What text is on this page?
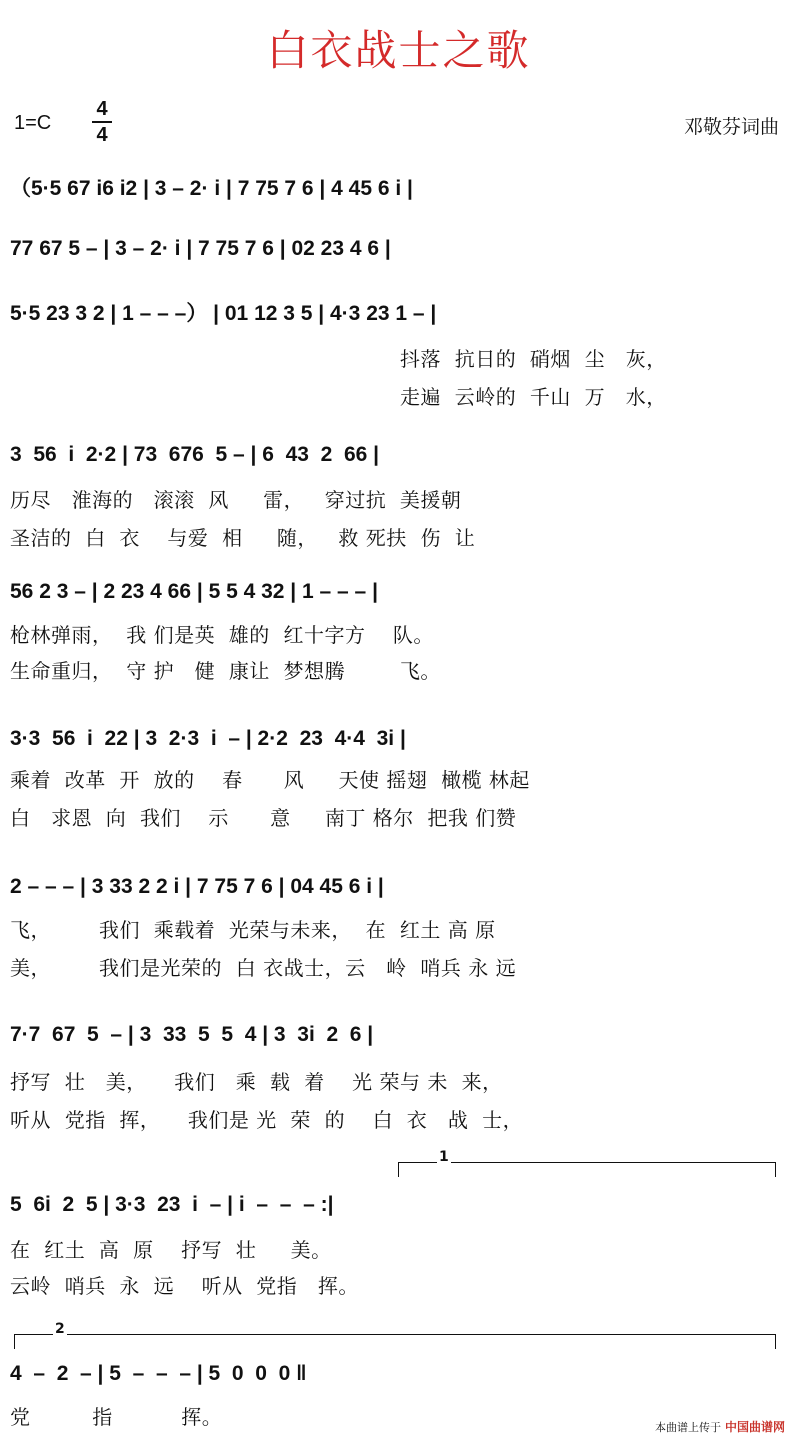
白衣战士之歌
1=C
4
4	邓敬芬词曲
（5·5 67 i6 i2 | 3 – 2· i | 7 75 7 6 | 4 45 6 i |
77 67 5 – | 3 – 2· i | 7 75 7 6 | 02 23 4 6 |
5·5 23 3 2 | 1 – – –） | 01 12 3 5 | 4·3 23 1 – |
抖落  抗日的  硝烟  尘   灰，
走遍  云岭的  千山  万   水，
3  56  i  2·2 | 73  676  5 – | 6  43  2  66 |
历尽   淮海的   滚滚  风     雷，   穿过抗  美援朝
圣洁的  白  衣    与爱  相     随，   救 死扶  伤  让
56 2 3 – | 2 23 4 66 | 5 5 4 32 | 1 – – – |
枪林弹雨，  我 们是英  雄的  红十字方    队。
生命重归，  守 护   健  康让  梦想腾        飞。
3·3  56  i  22 | 3  2·3  i  – | 2·2  23  4·4  3i |
乘着  改革  开  放的    春      风     天使 摇翅  橄榄 林起
白   求恩  向  我们    示      意     南丁 格尔  把我 们赞
2 – – – | 3 33 2 2 i | 7 75 7 6 | 04 45 6 i |
飞，       我们  乘载着  光荣与未来，  在  红土 高 原
美，       我们是光荣的  白 衣战士，云   岭  哨兵 永 远
7·7  67  5  – | 3  33  5  5  4 | 3  3i  2  6 |
抒写  壮   美，    我们   乘  载  着    光 荣与 未  来，
听从  党指  挥，    我们是 光  荣  的    白  衣   战  士，
1
5  6i  2  5 | 3·3  23  i  – | i  –  –  – :|
在  红土  高  原    抒写  壮     美。
云岭  哨兵  永  远    听从  党指   挥。
2
4  –  2  – | 5  –  –  – | 5  0  0  0 ‖
党         指          挥。	本曲谱上传于 中国曲谱网
